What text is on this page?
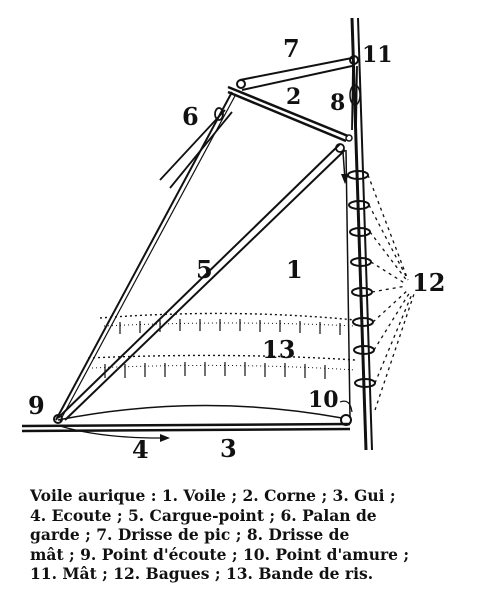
7	11
2 8
6
5	1	12
13
9	10
4	3
Voile aurique : 1. Voile ; 2. Corne ; 3. Gui ;
4. Ecoute ; 5. Cargue-point ; 6. Palan de
garde ; 7. Drisse de pic ; 8. Drisse de
mât ; 9. Point d'écoute ; 10. Point d'amure ;
11. Mât ; 12. Bagues ; 13. Bande de ris.
